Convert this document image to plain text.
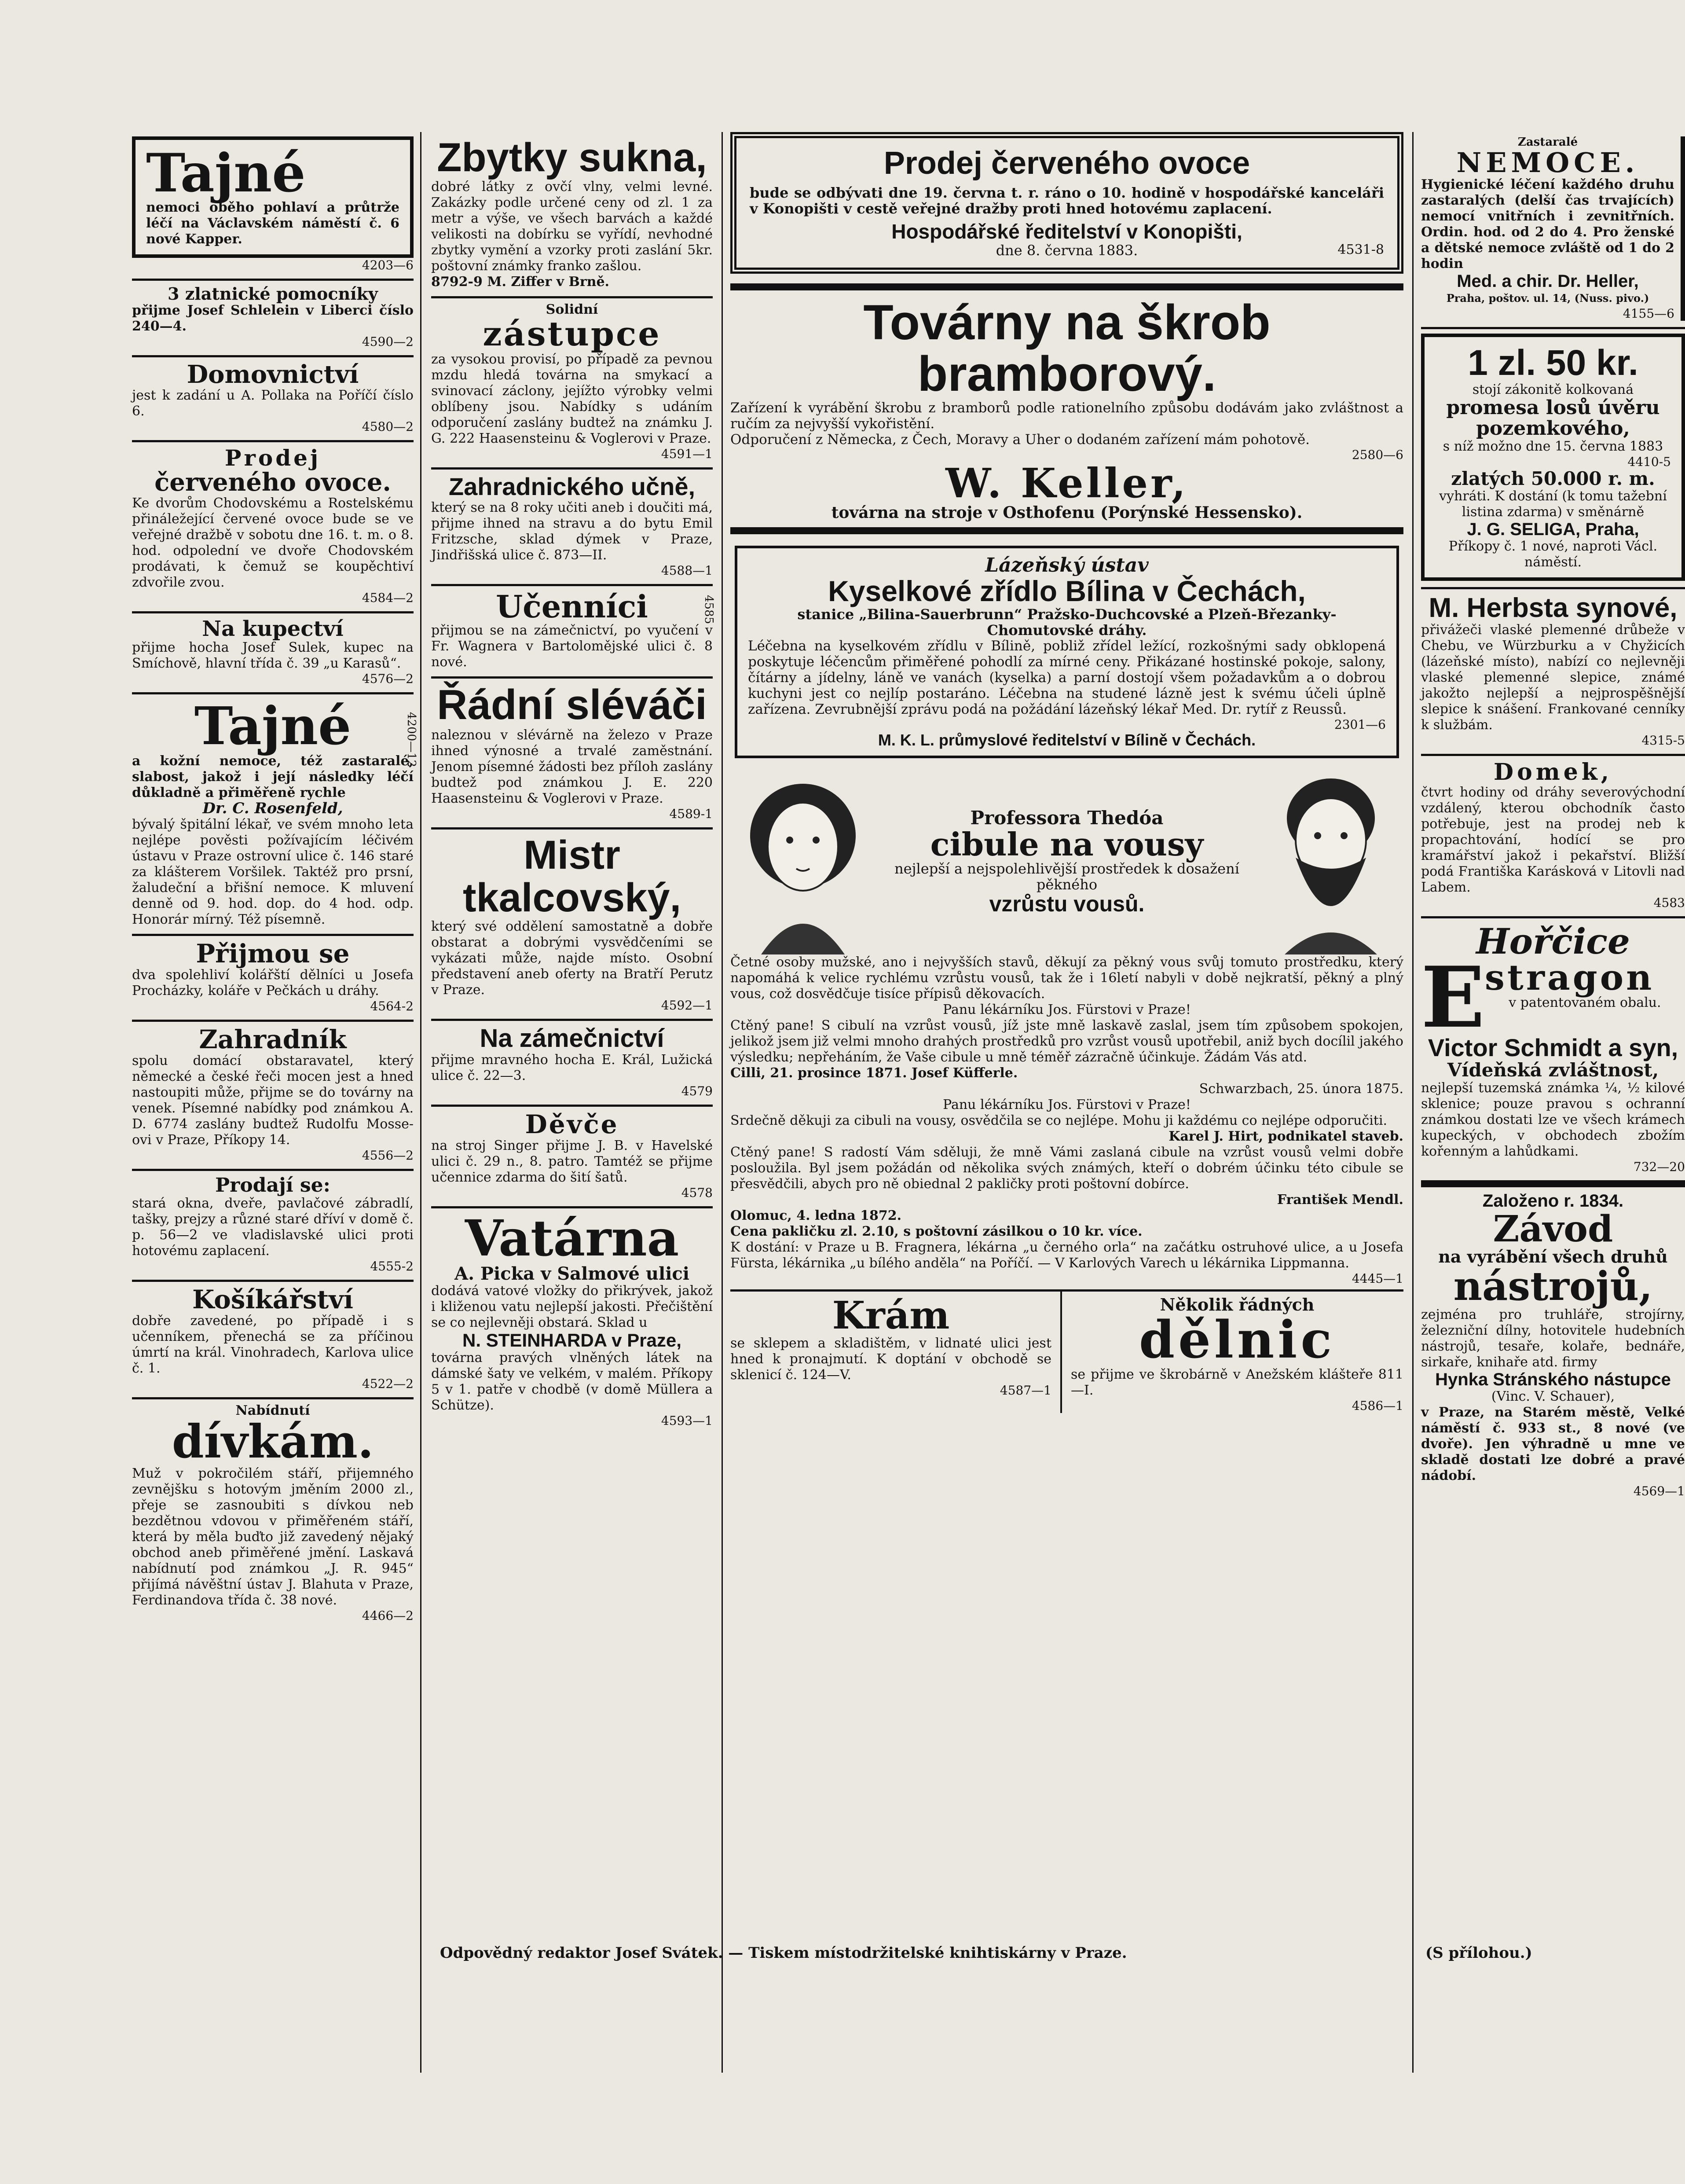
Tajné

nemoci oběho pohlaví a průtrže léčí na Václavském náměstí č. 6 nové Kapper.

4203—6
3 zlatnické pomocníky

přijme Josef Schlelein v Liberci číslo 240—4.

4590—2
Domovnictví

jest k zadání u A. Pollaka na Poříčí číslo 6.

4580—2
Prodej
červeného ovoce.

Ke dvorům Chodovskému a Rostelskému přináležející červené ovoce bude se ve veřejné dražbě v sobotu dne 16. t. m. o 8. hod. odpolední ve dvoře Chodovském prodávati, k čemuž se koupěchtiví zdvořile zvou.

4584—2
Na kupectví

přijme hocha Josef Sulek, kupec na Smíchově, hlavní třída č. 39 „u Karasů“.

4576—2
Tajné	4200—12

a kožní nemoce, též zastaralé, slabost, jakož i její následky léčí důkladně a přiměřeně rychle

Dr. C. Rosenfeld,

bývalý špitální lékař, ve svém mnoho leta nejlépe pověsti požívajícím léčivém ústavu v Praze ostrovní ulice č. 146 staré za klášterem Voršilek. Taktéž pro prsní, žaludeční a břišní nemoce. K mluvení denně od 9. hod. dop. do 4 hod. odp. Honorár mírný. Též písemně.

Přijmou se

dva spolehliví kolářští dělníci u Josefa Procházky, koláře v Pečkách u dráhy.

4564-2
Zahradník

spolu domácí obstaravatel, který německé a české řeči mocen jest a hned nastoupiti může, přijme se do továrny na venek. Písemné nabídky pod známkou A. D. 6774 zaslány budtež Rudolfu Mosse-ovi v Praze, Příkopy 14.

4556—2
Prodají se:

stará okna, dveře, pavlačové zábradlí, tašky, prejzy a různé staré dříví v domě č. p. 56—2 ve vladislavské ulici proti hotovému zaplacení.

4555-2
Košíkářství

dobře zavedené, po případě i s učenníkem, přenechá se za příčinou úmrtí na král. Vinohradech, Karlova ulice č. 1.

4522—2
Nabídnutí
dívkám.

Muž v pokročilém stáří, přijemného zevnějšku s hotovým jměním 2000 zl., přeje se zasnoubiti s dívkou neb bezdětnou vdovou v přiměřeném stáří, která by měla buďto již zavedený nějaký obchod aneb přiměřené jmění. Laskavá nabídnutí pod známkou „J. R. 945“ přijímá návěštní ústav J. Blahuta v Praze, Ferdinandova třída č. 38 nové.

4466—2
Zbytky sukna,

dobré látky z ovčí vlny, velmi levné. Zakázky podle určené ceny od zl. 1 za metr a výše, ve všech barvách a každé velikosti na dobírku se vyřídí, nevhodné zbytky vymění a vzorky proti zaslání 5kr. poštovní známky franko zašlou.

8792-9 M. Ziffer v Brně.

Solidní
zástupce

za vysokou provisí, po případě za pevnou mzdu hledá továrna na smykací a svinovací záclony, jejížto výrobky velmi oblíbeny jsou. Nabídky s udáním odporučení zaslány budtež na známku J. G. 222 Haasensteinu & Voglerovi v Praze.

4591—1
Zahradnického učně,

který se na 8 roky učiti aneb i doučiti má, přijme ihned na stravu a do bytu Emil Fritzsche, sklad dýmek v Praze, Jindřišská ulice č. 873—II.

4588—1
Učenníci	4585

přijmou se na zámečnictví, po vyučení v Fr. Wagnera v Bartolomějské ulici č. 8 nové.

Řádní sléváči

naleznou v slévárně na železo v Praze ihned výnosné a trvalé zaměstnání. Jenom písemné žádosti bez příloh zaslány budtež pod známkou J. E. 220 Haasensteinu & Voglerovi v Praze.

4589-1
Mistr tkalcovský,

který své oddělení samostatně a dobře obstarat a dobrými vysvědčeními se vykázati může, najde místo. Osobní představení aneb oferty na Bratří Perutz v Praze.

4592—1
Na zámečnictví

přijme mravného hocha E. Král, Lužická ulice č. 22—3.

4579
Děvče

na stroj Singer přijme J. B. v Havelské ulici č. 29 n., 8. patro. Tamtéž se přijme učennice zdarma do šití šatů.

4578
Vatárna
A. Picka v Salmové ulici

dodává vatové vložky do přikrývek, jakož i kliženou vatu nejlepší jakosti. Přečištění se co nejlevněji obstará. Sklad u

N. STEINHARDA v Praze,

továrna pravých vlněných látek na dámské šaty ve velkém, v malém. Příkopy 5 v 1. patře v chodbě (v domě Müllera a Schütze).

4593—1
Prodej červeného ovoce

bude se odbývati dne 19. června t. r. ráno o 10. hodině v hospodářské kanceláři v Konopišti v cestě veřejné dražby proti hned hotovému zaplacení.

Hospodářské ředitelství v Konopišti,
dne 8. června 1883.	4531-8
Továrny na škrob bramborový.

Zařízení k vyrábění škrobu z bramborů podle rationelního způsobu dodávám jako zvláštnost a ručím za nejvyšší vykořistění.

Odporučení z Německa, z Čech, Moravy a Uher o dodaném zařízení mám pohotově.

2580—6
W. Keller,
továrna na stroje v Osthofenu (Porýnské Hessensko).
Lázeňský ústav
Kyselkové zřídlo Bílina v Čechách,

stanice „Bilina-Sauerbrunn“ Pražsko-Duchcovské a Plzeň-Březanky-Chomutovské dráhy.

Léčebna na kyselkovém zřídlu v Bílině, pobliž zřídel ležící, rozkošnými sady obklopená poskytuje léčencům přiměřené pohodlí za mírné ceny. Přikázané hostinské pokoje, salony, čítárny a jídelny, láně ve vanách (kyselka) a parní dostojí všem požadavkům a o dobrou kuchyni jest co nejlíp postaráno. Léčebna na studené lázně jest k svému účeli úplně zařízena. Zevrubnější zprávu podá na požádání lázeňský lékař Med. Dr. rytíř z Reussů.

2301—6
M. K. L. průmyslové ředitelství v Bílině v Čechách.
Professora Thedóa
cibule na vousy

nejlepší a nejspolehlivější prostředek k dosažení pěkného

vzrůstu vousů.

Četné osoby mužské, ano i nejvyšších stavů, děkují za pěkný vous svůj tomuto prostředku, který napomáhá k velice rychlému vzrůstu vousů, tak že i 16letí nabyli v době nejkratší, pěkný a plný vous, což dosvědčuje tisíce přípisů děkovacích.

Panu lékárníku Jos. Fürstovi v Praze!

Ctěný pane! S cibulí na vzrůst vousů, jíž jste mně laskavě zaslal, jsem tím způsobem spokojen, jelikož jsem již velmi mnoho drahých prostředků pro vzrůst vousů upotřebil, aniž bych docílil jakého výsledku; nepřeháním, že Vaše cibule u mně téměř zázračně účinkuje. Žádám Vás atd.

Cilli, 21. prosince 1871. Josef Küfferle.

Schwarzbach, 25. února 1875.

Panu lékárníku Jos. Fürstovi v Praze!

Srdečně děkuji za cibuli na vousy, osvědčila se co nejlépe. Mohu ji každému co nejlépe odporučiti.

Karel J. Hirt, podnikatel staveb.

Ctěný pane! S radostí Vám sděluji, že mně Vámi zaslaná cibule na vzrůst vousů velmi dobře posloužila. Byl jsem požádán od několika svých známých, kteří o dobrém účinku této cibule se přesvědčili, abych pro ně obiednal 2 pakličky proti poštovní dobírce.

František Mendl.

Olomuc, 4. ledna 1872.

Cena pakličku zl. 2.10, s poštovní zásilkou o 10 kr. více.

K dostání: v Praze u B. Fragnera, lékárna „u černého orla“ na začátku ostruhové ulice, a u Josefa Fürsta, lékárnika „u bílého anděla“ na Poříčí. — V Karlových Varech u lékárnika Lippmanna.

4445—1
Krám

se sklepem a skladištěm, v lidnaté ulici jest hned k pronajmutí. K doptání v obchodě se sklenicí č. 124—V.

4587—1
Několik řádných
dělnic

se přijme ve škrobárně v Anežském klášteře 811—I.

4586—1
Zastaralé
NEMOCE.

Hygienické léčení každého druhu zastaralých (delší čas trvajících) nemocí vnitřních i zevnitřních. Ordin. hod. od 2 do 4. Pro ženské a dětské nemoce zvláště od 1 do 2 hodin

Med. a chir. Dr. Heller,

Praha, poštov. ul. 14, (Nuss. pivo.)

4155—6
1 zl. 50 kr.

stojí zákonitě kolkovaná

promesa losů úvěru pozemkového,

s níž možno dne 15. června 1883

4410-5
zlatých 50.000 r. m.

vyhráti. K dostání (k tomu tažební listina zdarma) v směnárně

J. G. SELIGA, Praha,

Příkopy č. 1 nové, naproti Václ. náměstí.

M. Herbsta synové,

přivážeči vlaské plemenné drůbeže v Chebu, ve Würzburku a v Chyžicích (lázeňské místo), nabízí co nejlevněji vlaské plemenné slepice, známé jakožto nejlepší a nejprospěšnější slepice k snášení. Frankované cenníky k službám.

4315-5
Domek,

čtvrt hodiny od dráhy severovýchodní vzdálený, kterou obchodník často potřebuje, jest na prodej neb k propachtování, hodící se pro kramářství jakož i pekařství. Bližší podá Františka Karásková v Litovli nad Labem.

4583
Hořčice
E stragon

v patentovaném obalu.

Victor Schmidt a syn,
Vídeňská zvláštnost,

nejlepší tuzemská známka ¼, ½ kilové sklenice; pouze pravou s ochranní známkou dostati lze ve všech krámech kupeckých, v obchodech zbožím kořenným a lahůdkami.

732—20
Založeno r. 1834.
Závod
na vyrábění všech druhů
nástrojů,

zejména pro truhláře, strojírny, železniční dílny, hotovitele hudebních nástrojů, tesaře, kolaře, bednáře, sirkaře, knihaře atd. firmy

Hynka Stránského nástupce

(Vinc. V. Schauer),

v Praze, na Starém městě, Velké náměstí č. 933 st., 8 nové (ve dvoře). Jen výhradně u mne ve skladě dostati lze dobré a pravé nádobí.

4569—1
Odpovědný redaktor Josef Svátek. — Tiskem místodržitelské knihtiskárny v Praze.	(S přílohou.)
